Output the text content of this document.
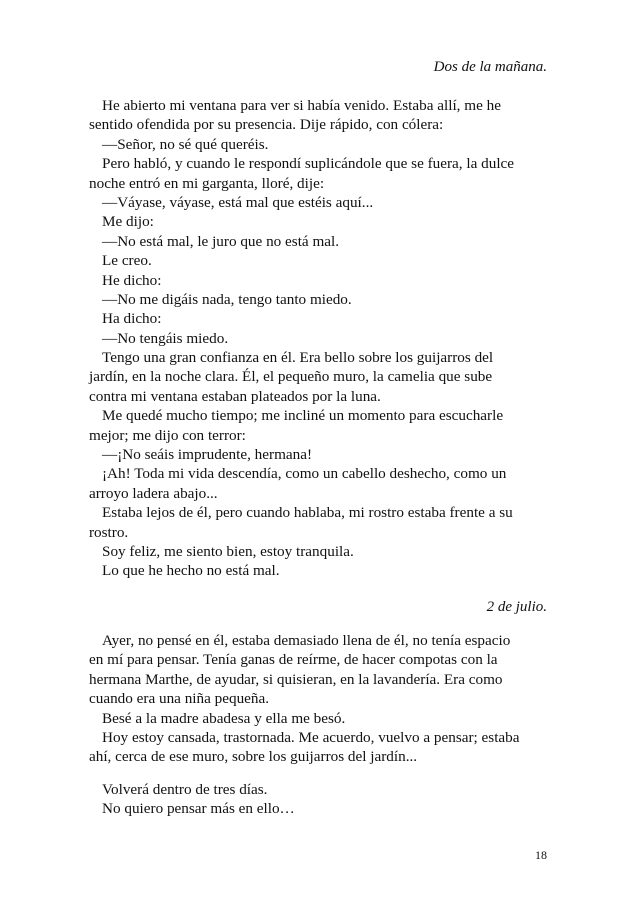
Dos de la mañana.
He abierto mi ventana para ver si había venido. Estaba allí, me he
sentido ofendida por su presencia. Dije rápido, con cólera:
—Señor, no sé qué queréis.
Pero habló, y cuando le respondí suplicándole que se fuera, la dulce
noche entró en mi garganta, lloré, dije:
—Váyase, váyase, está mal que estéis aquí...
Me dijo:
—No está mal, le juro que no está mal.
Le creo.
He dicho:
—No me digáis nada, tengo tanto miedo.
Ha dicho:
—No tengáis miedo.
Tengo una gran confianza en él. Era bello sobre los guijarros del
jardín, en la noche clara. Él, el pequeño muro, la camelia que sube
contra mi ventana estaban plateados por la luna.
Me quedé mucho tiempo; me incliné un momento para escucharle
mejor; me dijo con terror:
—¡No seáis imprudente, hermana!
¡Ah! Toda mi vida descendía, como un cabello deshecho, como un
arroyo ladera abajo...
Estaba lejos de él, pero cuando hablaba, mi rostro estaba frente a su
rostro.
Soy feliz, me siento bien, estoy tranquila.
Lo que he hecho no está mal.
2 de julio.
Ayer, no pensé en él, estaba demasiado llena de él, no tenía espacio
en mí para pensar. Tenía ganas de reírme, de hacer compotas con la
hermana Marthe, de ayudar, si quisieran, en la lavandería. Era como
cuando era una niña pequeña.
Besé a la madre abadesa y ella me besó.
Hoy estoy cansada, trastornada. Me acuerdo, vuelvo a pensar; estaba
ahí, cerca de ese muro, sobre los guijarros del jardín...
Volverá dentro de tres días.
No quiero pensar más en ello…
18
